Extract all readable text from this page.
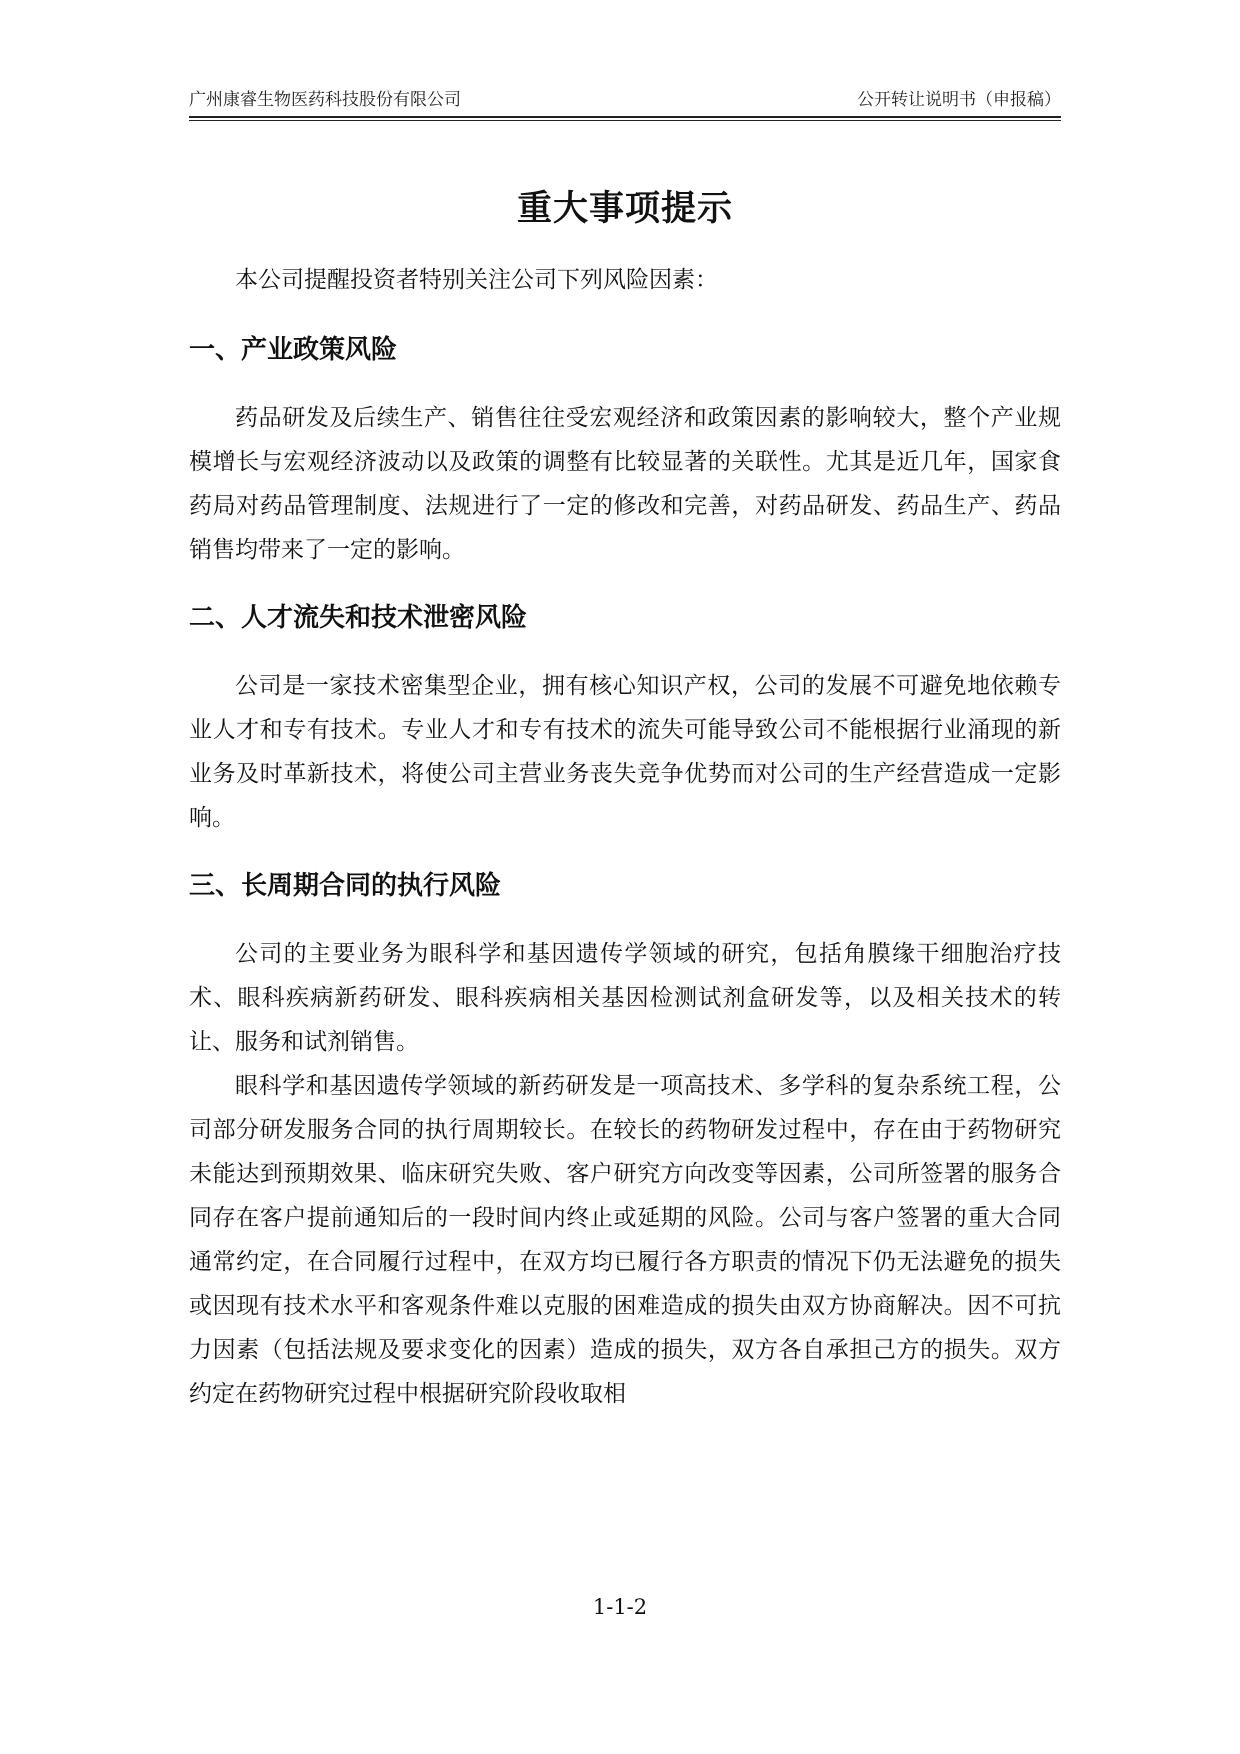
广州康睿生物医药科技股份有限公司	公开转让说明书（申报稿）
重大事项提示

本公司提醒投资者特别关注公司下列风险因素：

一、产业政策风险

药品研发及后续生产、销售往往受宏观经济和政策因素的影响较大，整个产业规模增长与宏观经济波动以及政策的调整有比较显著的关联性。尤其是近几年，国家食药局对药品管理制度、法规进行了一定的修改和完善，对药品研发、药品生产、药品销售均带来了一定的影响。

二、人才流失和技术泄密风险

公司是一家技术密集型企业，拥有核心知识产权，公司的发展不可避免地依赖专业人才和专有技术。专业人才和专有技术的流失可能导致公司不能根据行业涌现的新业务及时革新技术，将使公司主营业务丧失竞争优势而对公司的生产经营造成一定影响。

三、长周期合同的执行风险

公司的主要业务为眼科学和基因遗传学领域的研究，包括角膜缘干细胞治疗技术、眼科疾病新药研发、眼科疾病相关基因检测试剂盒研发等，以及相关技术的转让、服务和试剂销售。

眼科学和基因遗传学领域的新药研发是一项高技术、多学科的复杂系统工程，公司部分研发服务合同的执行周期较长。在较长的药物研发过程中，存在由于药物研究未能达到预期效果、临床研究失败、客户研究方向改变等因素，公司所签署的服务合同存在客户提前通知后的一段时间内终止或延期的风险。公司与客户签署的重大合同通常约定，在合同履行过程中，在双方均已履行各方职责的情况下仍无法避免的损失或因现有技术水平和客观条件难以克服的困难造成的损失由双方协商解决。因不可抗力因素（包括法规及要求变化的因素）造成的损失，双方各自承担己方的损失。双方约定在药物研究过程中根据研究阶段收取相

1-1-2
